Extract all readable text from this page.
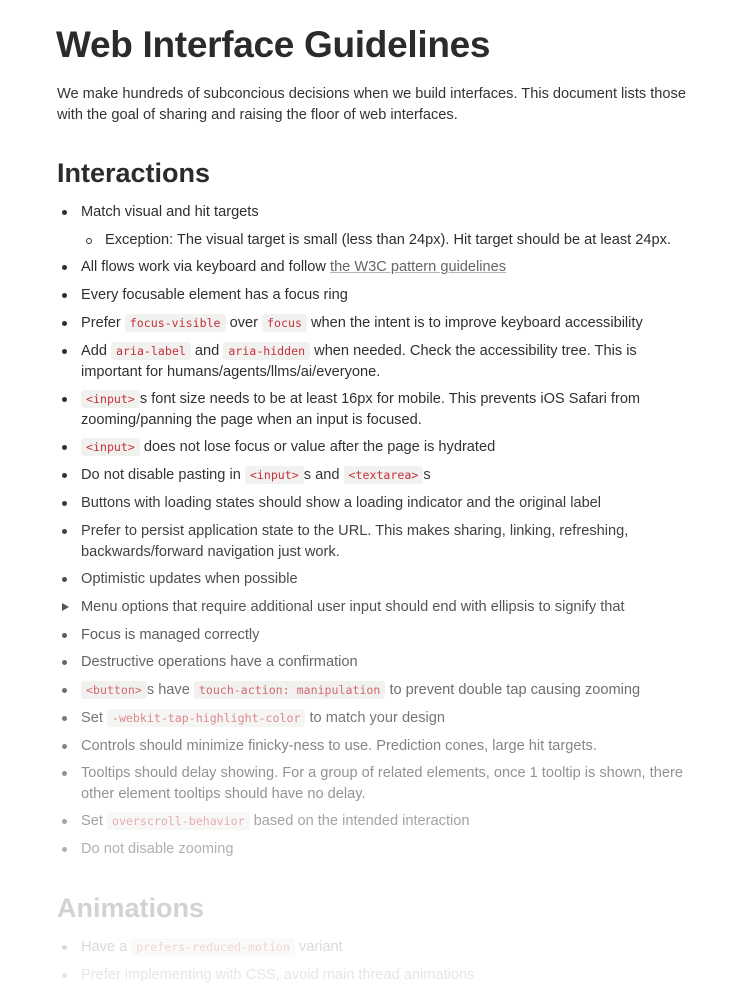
Web Interface Guidelines
We make hundreds of subconcious decisions when we build interfaces. This document lists those with the goal of sharing and raising the floor of web interfaces.
Interactions
Match visual and hit targets
Exception: The visual target is small (less than 24px). Hit target should be at least 24px.
All flows work via keyboard and follow the W3C pattern guidelines
Every focusable element has a focus ring
Prefer focus-visible over focus when the intent is to improve keyboard accessibility
Add aria-label and aria-hidden when needed. Check the accessibility tree. This is important for humans/agents/llms/ai/everyone.
<input> s font size needs to be at least 16px for mobile. This prevents iOS Safari from zooming/panning the page when an input is focused.
<input> does not lose focus or value after the page is hydrated
Do not disable pasting in <input> s and <textarea> s
Buttons with loading states should show a loading indicator and the original label
Prefer to persist application state to the URL. This makes sharing, linking, refreshing, backwards/forward navigation just work.
Optimistic updates when possible
Menu options that require additional user input should end with ellipsis to signify that
Focus is managed correctly
Destructive operations have a confirmation
<button> s have touch-action: manipulation to prevent double tap causing zooming
Set -webkit-tap-highlight-color to match your design
Controls should minimize finicky-ness to use. Prediction cones, large hit targets.
Tooltips should delay showing. For a group of related elements, once 1 tooltip is shown, there other element tooltips should have no delay.
Set overscroll-behavior based on the intended interaction
Do not disable zooming
Animations
Have a prefers-reduced-motion variant
Prefer implementing with CSS, avoid main thread animations
